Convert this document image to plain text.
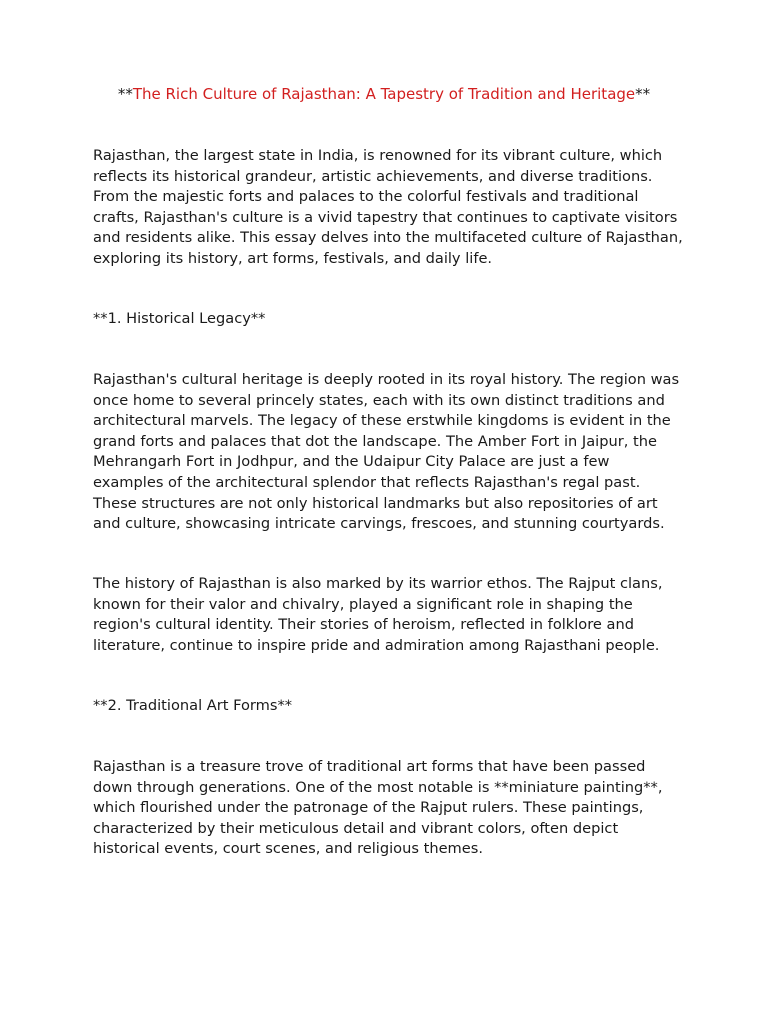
**The Rich Culture of Rajasthan: A Tapestry of Tradition and Heritage**

Rajasthan, the largest state in India, is renowned for its vibrant culture, which reflects its historical grandeur, artistic achievements, and diverse traditions. From the majestic forts and palaces to the colorful festivals and traditional crafts, Rajasthan's culture is a vivid tapestry that continues to captivate visitors and residents alike. This essay delves into the multifaceted culture of Rajasthan, exploring its history, art forms, festivals, and daily life.

**1. Historical Legacy**

Rajasthan's cultural heritage is deeply rooted in its royal history. The region was once home to several princely states, each with its own distinct traditions and architectural marvels. The legacy of these erstwhile kingdoms is evident in the grand forts and palaces that dot the landscape. The Amber Fort in Jaipur, the Mehrangarh Fort in Jodhpur, and the Udaipur City Palace are just a few examples of the architectural splendor that reflects Rajasthan's regal past. These structures are not only historical landmarks but also repositories of art and culture, showcasing intricate carvings, frescoes, and stunning courtyards.

The history of Rajasthan is also marked by its warrior ethos. The Rajput clans, known for their valor and chivalry, played a significant role in shaping the region's cultural identity. Their stories of heroism, reflected in folklore and literature, continue to inspire pride and admiration among Rajasthani people.

**2. Traditional Art Forms**

Rajasthan is a treasure trove of traditional art forms that have been passed down through generations. One of the most notable is **miniature painting**, which flourished under the patronage of the Rajput rulers. These paintings, characterized by their meticulous detail and vibrant colors, often depict historical events, court scenes, and religious themes.
